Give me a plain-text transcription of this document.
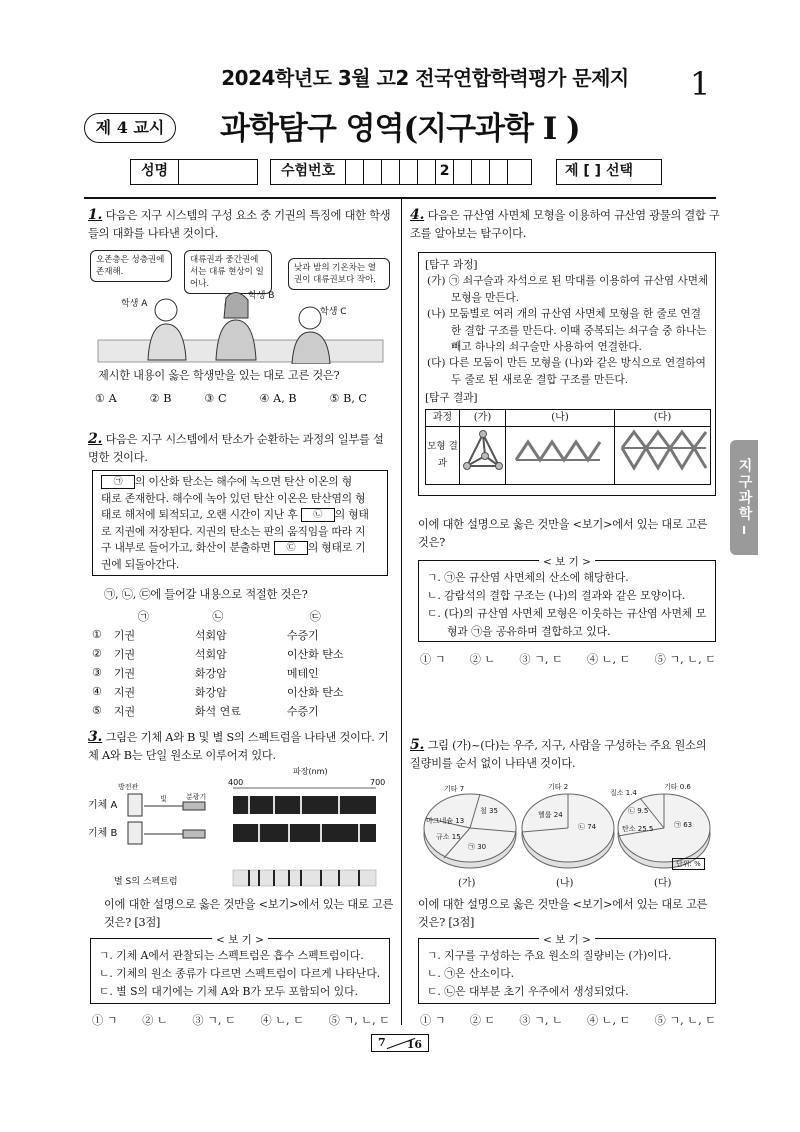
2024학년도 3월 고2 전국연합학력평가 문제지 1
제 4 교시	과학탐구 영역(지구과학 I )
성명	수험번호	2	제 [ ] 선택
지구과학
I
1. 다음은 지구 시스템의 구성 요소 중 기권의 특징에 대한 학생들의 대화를 나타낸 것이다.
오존층은 성층권에 존재해.
대류권과 중간권에서는 대류 현상이 일어나.
낮과 밤의 기온차는 열권이 대류권보다 작아.
학생 A
학생 B
학생 C
제시한 내용이 옳은 학생만을 있는 대로 고른 것은?
① A	② B	③ C	④ A, B	⑤ B, C
2. 다음은 지구 시스템에서 탄소가 순환하는 과정의 일부를 설명한 것이다.
㉠ 의 이산화 탄소는 해수에 녹으면 탄산 이온의 형
태로 존재한다. 해수에 녹아 있던 탄산 이온은 탄산염의 형
태로 해저에 퇴적되고, 오랜 시간이 지난 후 ㉡ 의 형태
로 지권에 저장된다. 지권의 탄소는 판의 움직임을 따라 지
구 내부로 들어가고, 화산이 분출하면 ㉢ 의 형태로 기
권에 되돌아간다.
㉠, ㉡, ㉢에 들어갈 내용으로 적절한 것은?
	㉠	㉡	㉢
①	기권	석회암	수증기
②	기권	석회암	이산화 탄소
③	기권	화강암	메테인
④	지권	화강암	이산화 탄소
⑤	지권	화석 연료	수증기
3. 그림은 기체 A와 B 및 별 S의 스펙트럼을 나타낸 것이다. 기체 A와 B는 단일 원소로 이루어져 있다.
파장(nm)
400	700
방전관
기체 A
빛	분광기
기체 B
별 S의 스펙트럼
이에 대한 설명으로 옳은 것만을 <보기>에서 있는 대로 고른 것은? [3점]
< 보 기 >
ㄱ. 기체 A에서 관찰되는 스펙트럼은 흡수 스펙트럼이다.
ㄴ. 기체의 원소 종류가 다르면 스펙트럼이 다르게 나타난다.
ㄷ. 별 S의 대기에는 기체 A와 B가 모두 포함되어 있다.
① ㄱ ② ㄴ ③ ㄱ, ㄷ ④ ㄴ, ㄷ ⑤ ㄱ, ㄴ, ㄷ
4. 다음은 규산염 사면체 모형을 이용하여 규산염 광물의 결합 구조를 알아보는 탐구이다.
[탐구 과정]
(가) ㉠ 쇠구슬과 자석으로 된 막대를 이용하여 규산염 사면체 모형을 만든다.
(나) 모둠별로 여러 개의 규산염 사면체 모형을 한 줄로 연결한 결합 구조를 만든다. 이때 중복되는 쇠구슬 중 하나는 빼고 하나의 쇠구슬만 사용하여 연결한다.
(다) 다른 모둠이 만든 모형을 (나)와 같은 방식으로 연결하여 두 줄로 된 새로운 결합 구조를 만든다.
[탐구 결과]
과정	(가)	(나)	(다)
모형 결과			
이에 대한 설명으로 옳은 것만을 <보기>에서 있는 대로 고른 것은?
< 보 기 >
ㄱ. ㉠은 규산염 사면체의 산소에 해당한다.
ㄴ. 감람석의 결합 구조는 (나)의 결과와 같은 모양이다.
ㄷ. (다)의 규산염 사면체 모형은 이웃하는 규산염 사면체 모형과 ㉠을 공유하며 결합하고 있다.
① ㄱ ② ㄴ ③ ㄱ, ㄷ ④ ㄴ, ㄷ ⑤ ㄱ, ㄴ, ㄷ
5. 그림 (가)~(다)는 우주, 지구, 사람을 구성하는 주요 원소의 질량비를 순서 없이 나타낸 것이다.
기타 7
철 35
마그네슘 13
규소 15
㉠ 30
기타 2
헬륨 24
㉡ 74
질소 1.4
기타 0.6
㉡ 9.5
탄소 25.5	㉠ 63
단위: %
(가)	(나)	(다)
이에 대한 설명으로 옳은 것만을 <보기>에서 있는 대로 고른 것은? [3점]
< 보 기 >
ㄱ. 지구를 구성하는 주요 원소의 질량비는 (가)이다.
ㄴ. ㉠은 산소이다.
ㄷ. ㉡은 대부분 초기 우주에서 생성되었다.
① ㄱ ② ㄷ ③ ㄱ, ㄴ ④ ㄴ, ㄷ ⑤ ㄱ, ㄴ, ㄷ
7 16
